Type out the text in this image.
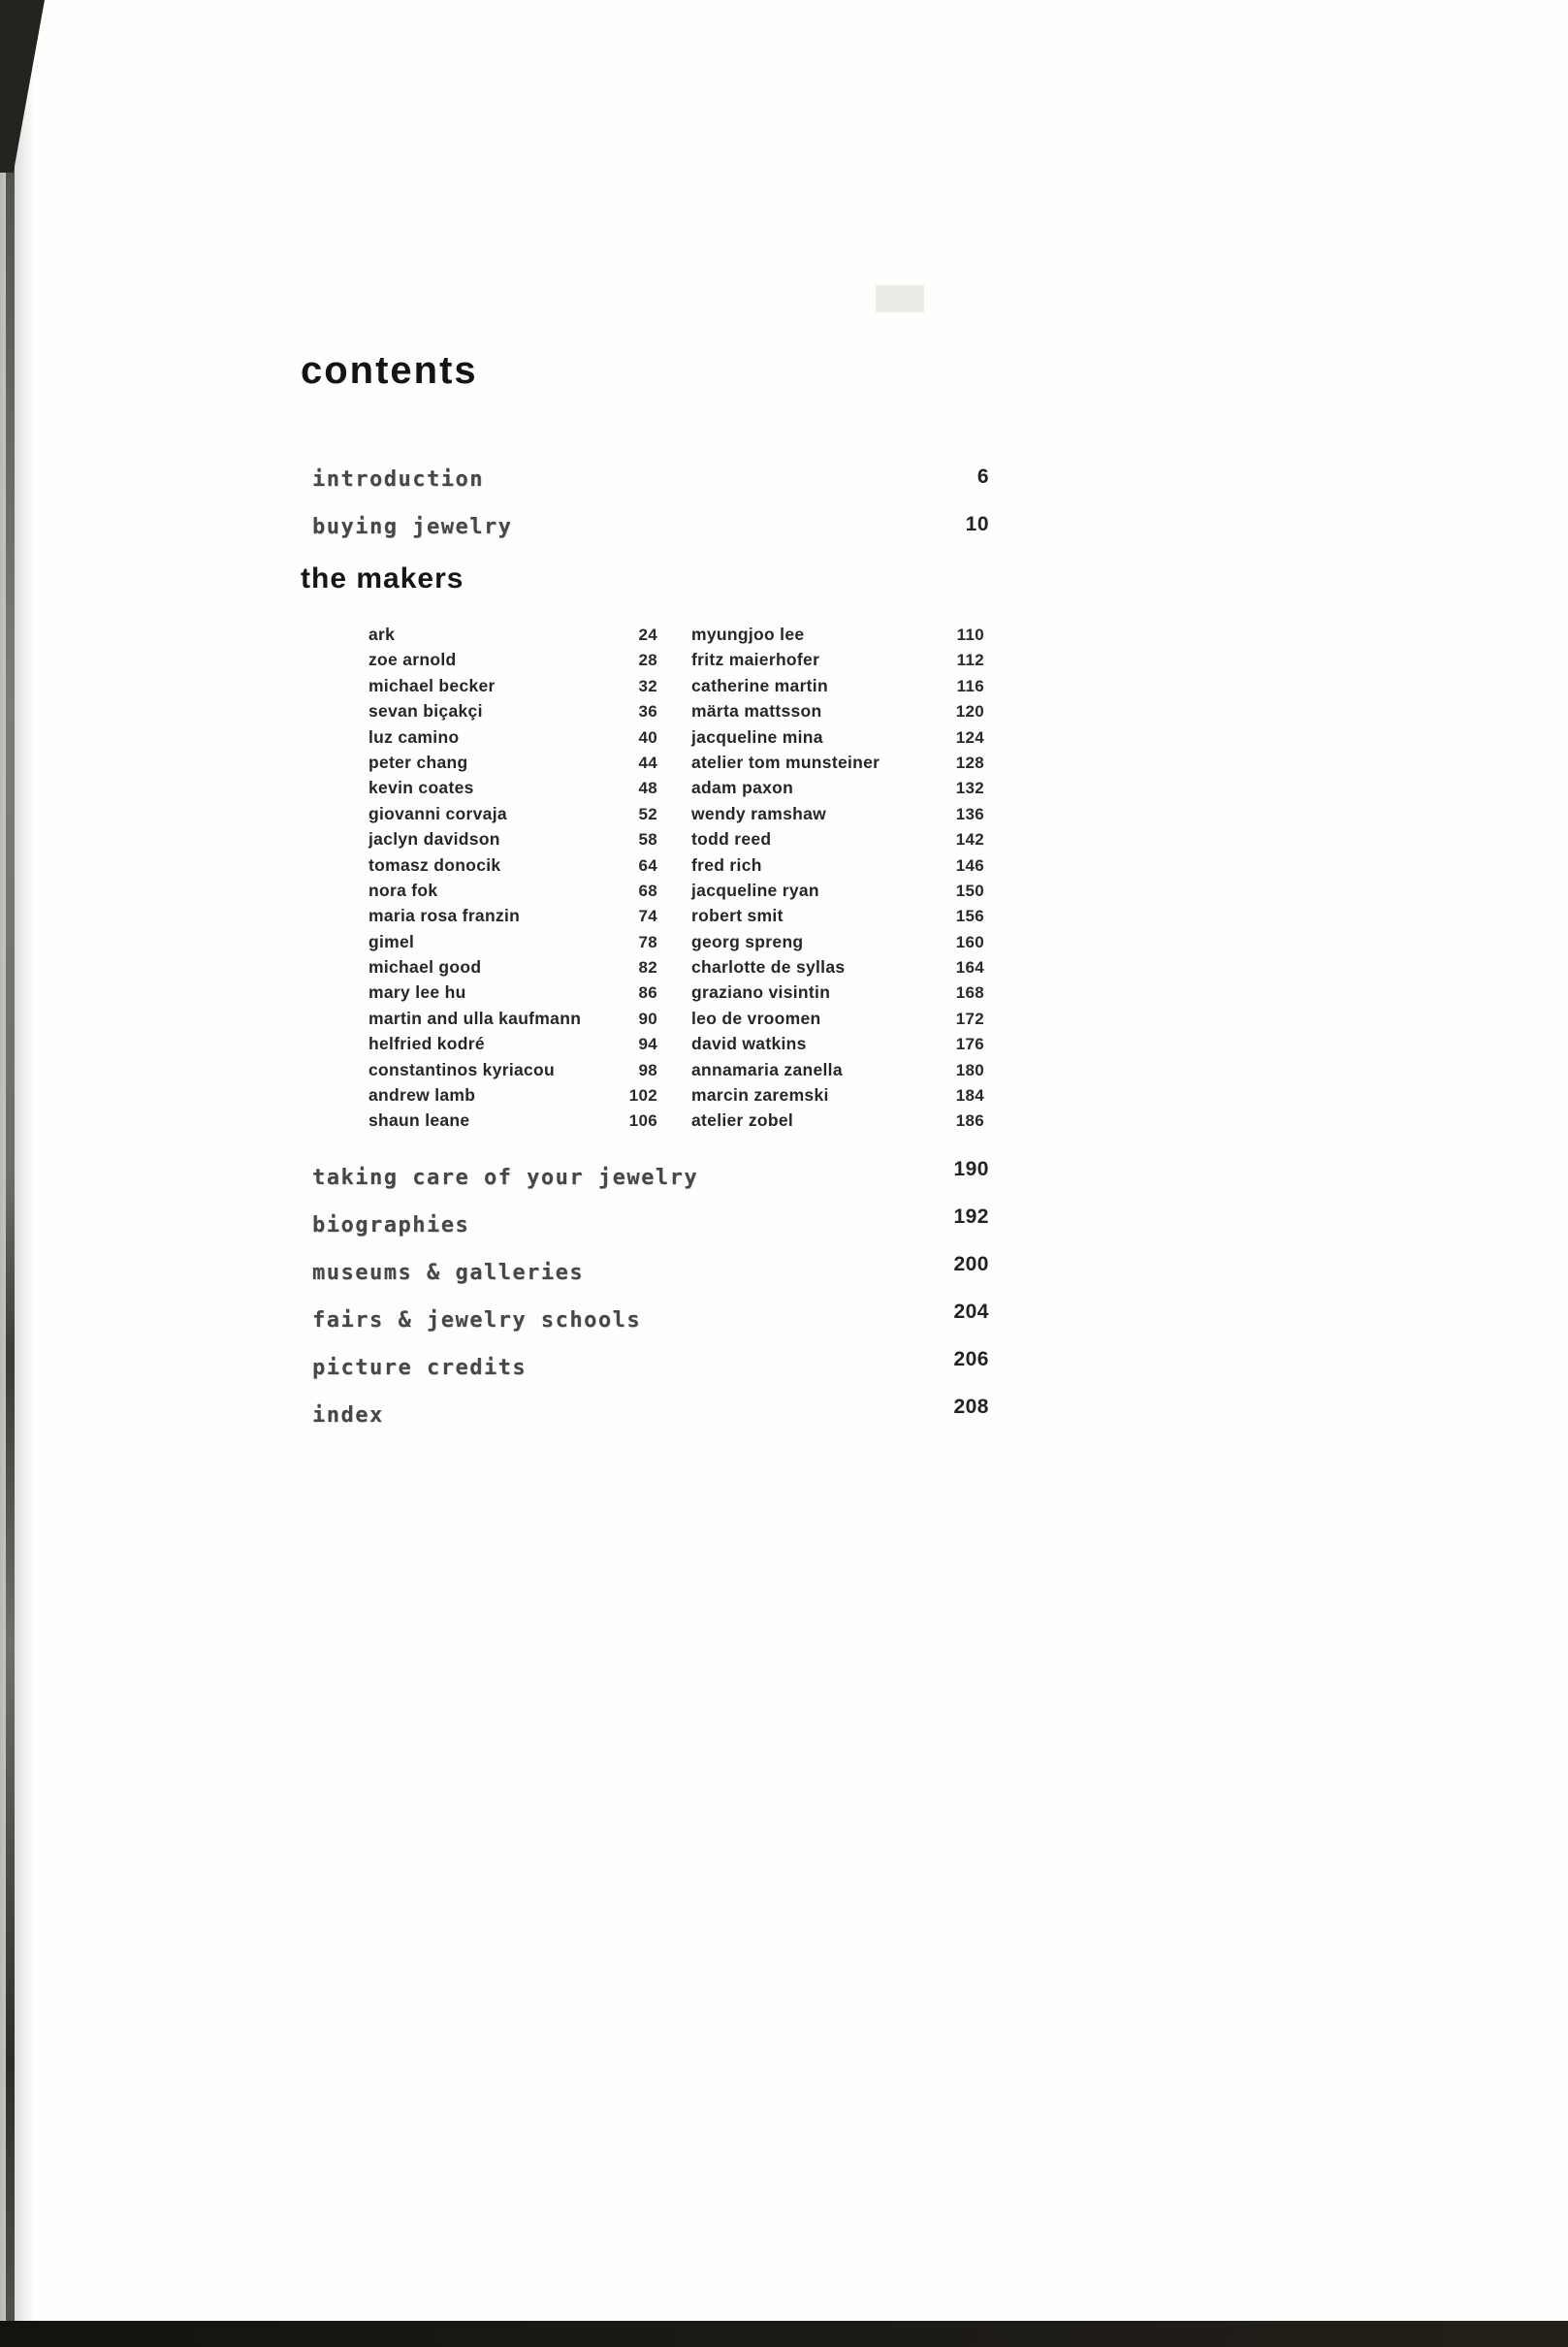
contents
introduction	6
buying jewelry	10
the makers
ark	24
zoe arnold	28
michael becker	32
sevan biçakçi	36
luz camino	40
peter chang	44
kevin coates	48
giovanni corvaja	52
jaclyn davidson	58
tomasz donocik	64
nora fok	68
maria rosa franzin	74
gimel	78
michael good	82
mary lee hu	86
martin and ulla kaufmann	90
helfried kodré	94
constantinos kyriacou	98
andrew lamb	102
shaun leane	106
myungjoo lee	110
fritz maierhofer	112
catherine martin	116
märta mattsson	120
jacqueline mina	124
atelier tom munsteiner	128
adam paxon	132
wendy ramshaw	136
todd reed	142
fred rich	146
jacqueline ryan	150
robert smit	156
georg spreng	160
charlotte de syllas	164
graziano visintin	168
leo de vroomen	172
david watkins	176
annamaria zanella	180
marcin zaremski	184
atelier zobel	186
taking care of your jewelry	190
biographies	192
museums & galleries	200
fairs & jewelry schools	204
picture credits	206
index	208
